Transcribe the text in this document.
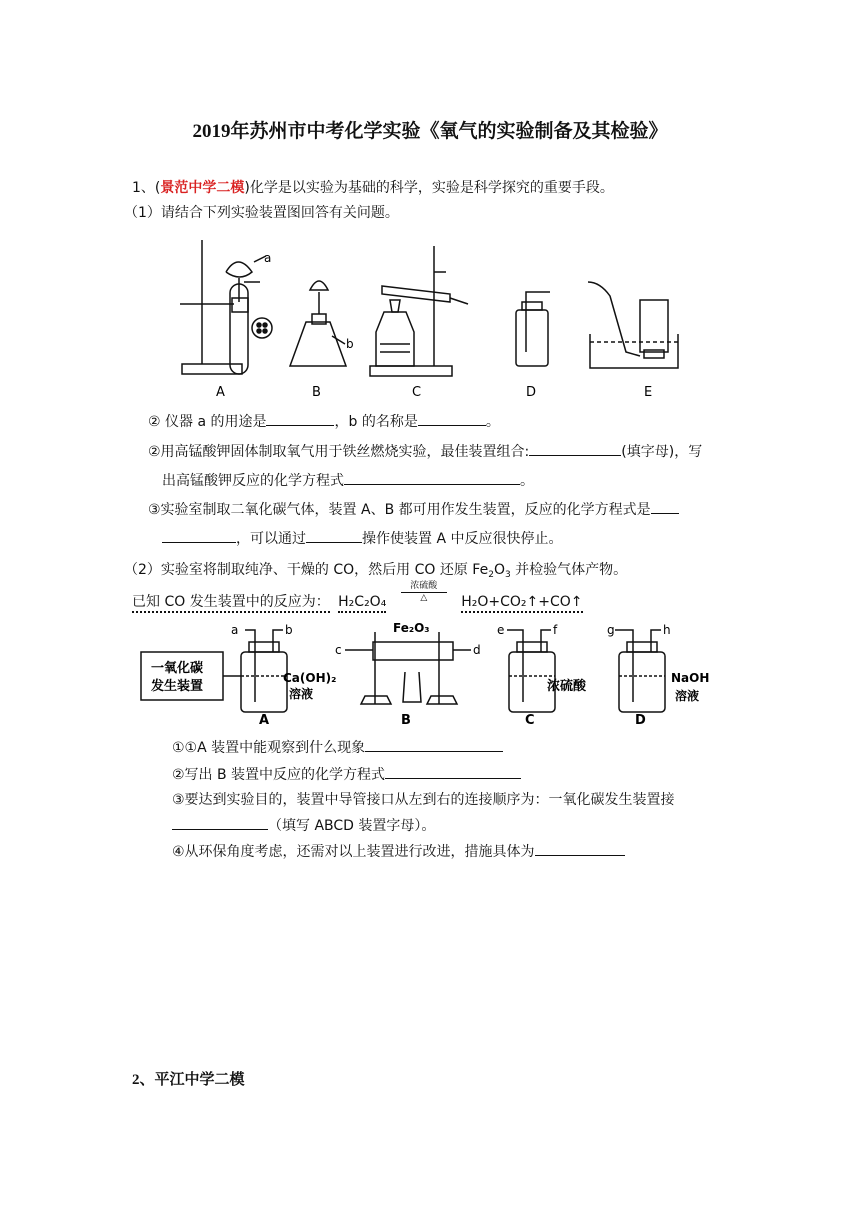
2019年苏州市中考化学实验《氧气的实验制备及其检验》
1、(景范中学二模)化学是以实验为基础的科学，实验是科学探究的重要手段。
（1）请结合下列实验装置图回答有关问题。
a
b
A	B	C	D	E
② 仪器 a 的用途是	，b 的名称是	。
②用高锰酸钾固体制取氧气用于铁丝燃烧实验，最佳装置组合:	(填字母)，写
出高锰酸钾反应的化学方程式	。
③实验室制取二氧化碳气体，装置 A、B 都可用作发生装置，反应的化学方程式是
，可以通过	操作使装置 A 中反应很快停止。
（2）实验室将制取纯净、干燥的 CO，然后用 CO 还原 $Fe_2O_3$ 并检验气体产物。
已知 CO 发生装置中的反应为： H₂C₂O₄ 浓硫酸

△ H₂O+CO₂↑+CO↑
一氧化碳
发生装置
a	b
c	d
e	f	g	h
Ca(OH)₂
溶液
Fe₂O₃
浓硫酸
NaOH
溶液
A	B	C	D
①①A 装置中能观察到什么现象
②写出 B 装置中反应的化学方程式
③要达到实验目的，装置中导管接口从左到右的连接顺序为：一氧化碳发生装置接
（填写 ABCD 装置字母）。
④从环保角度考虑，还需对以上装置进行改进，措施具体为
2、平江中学二模
